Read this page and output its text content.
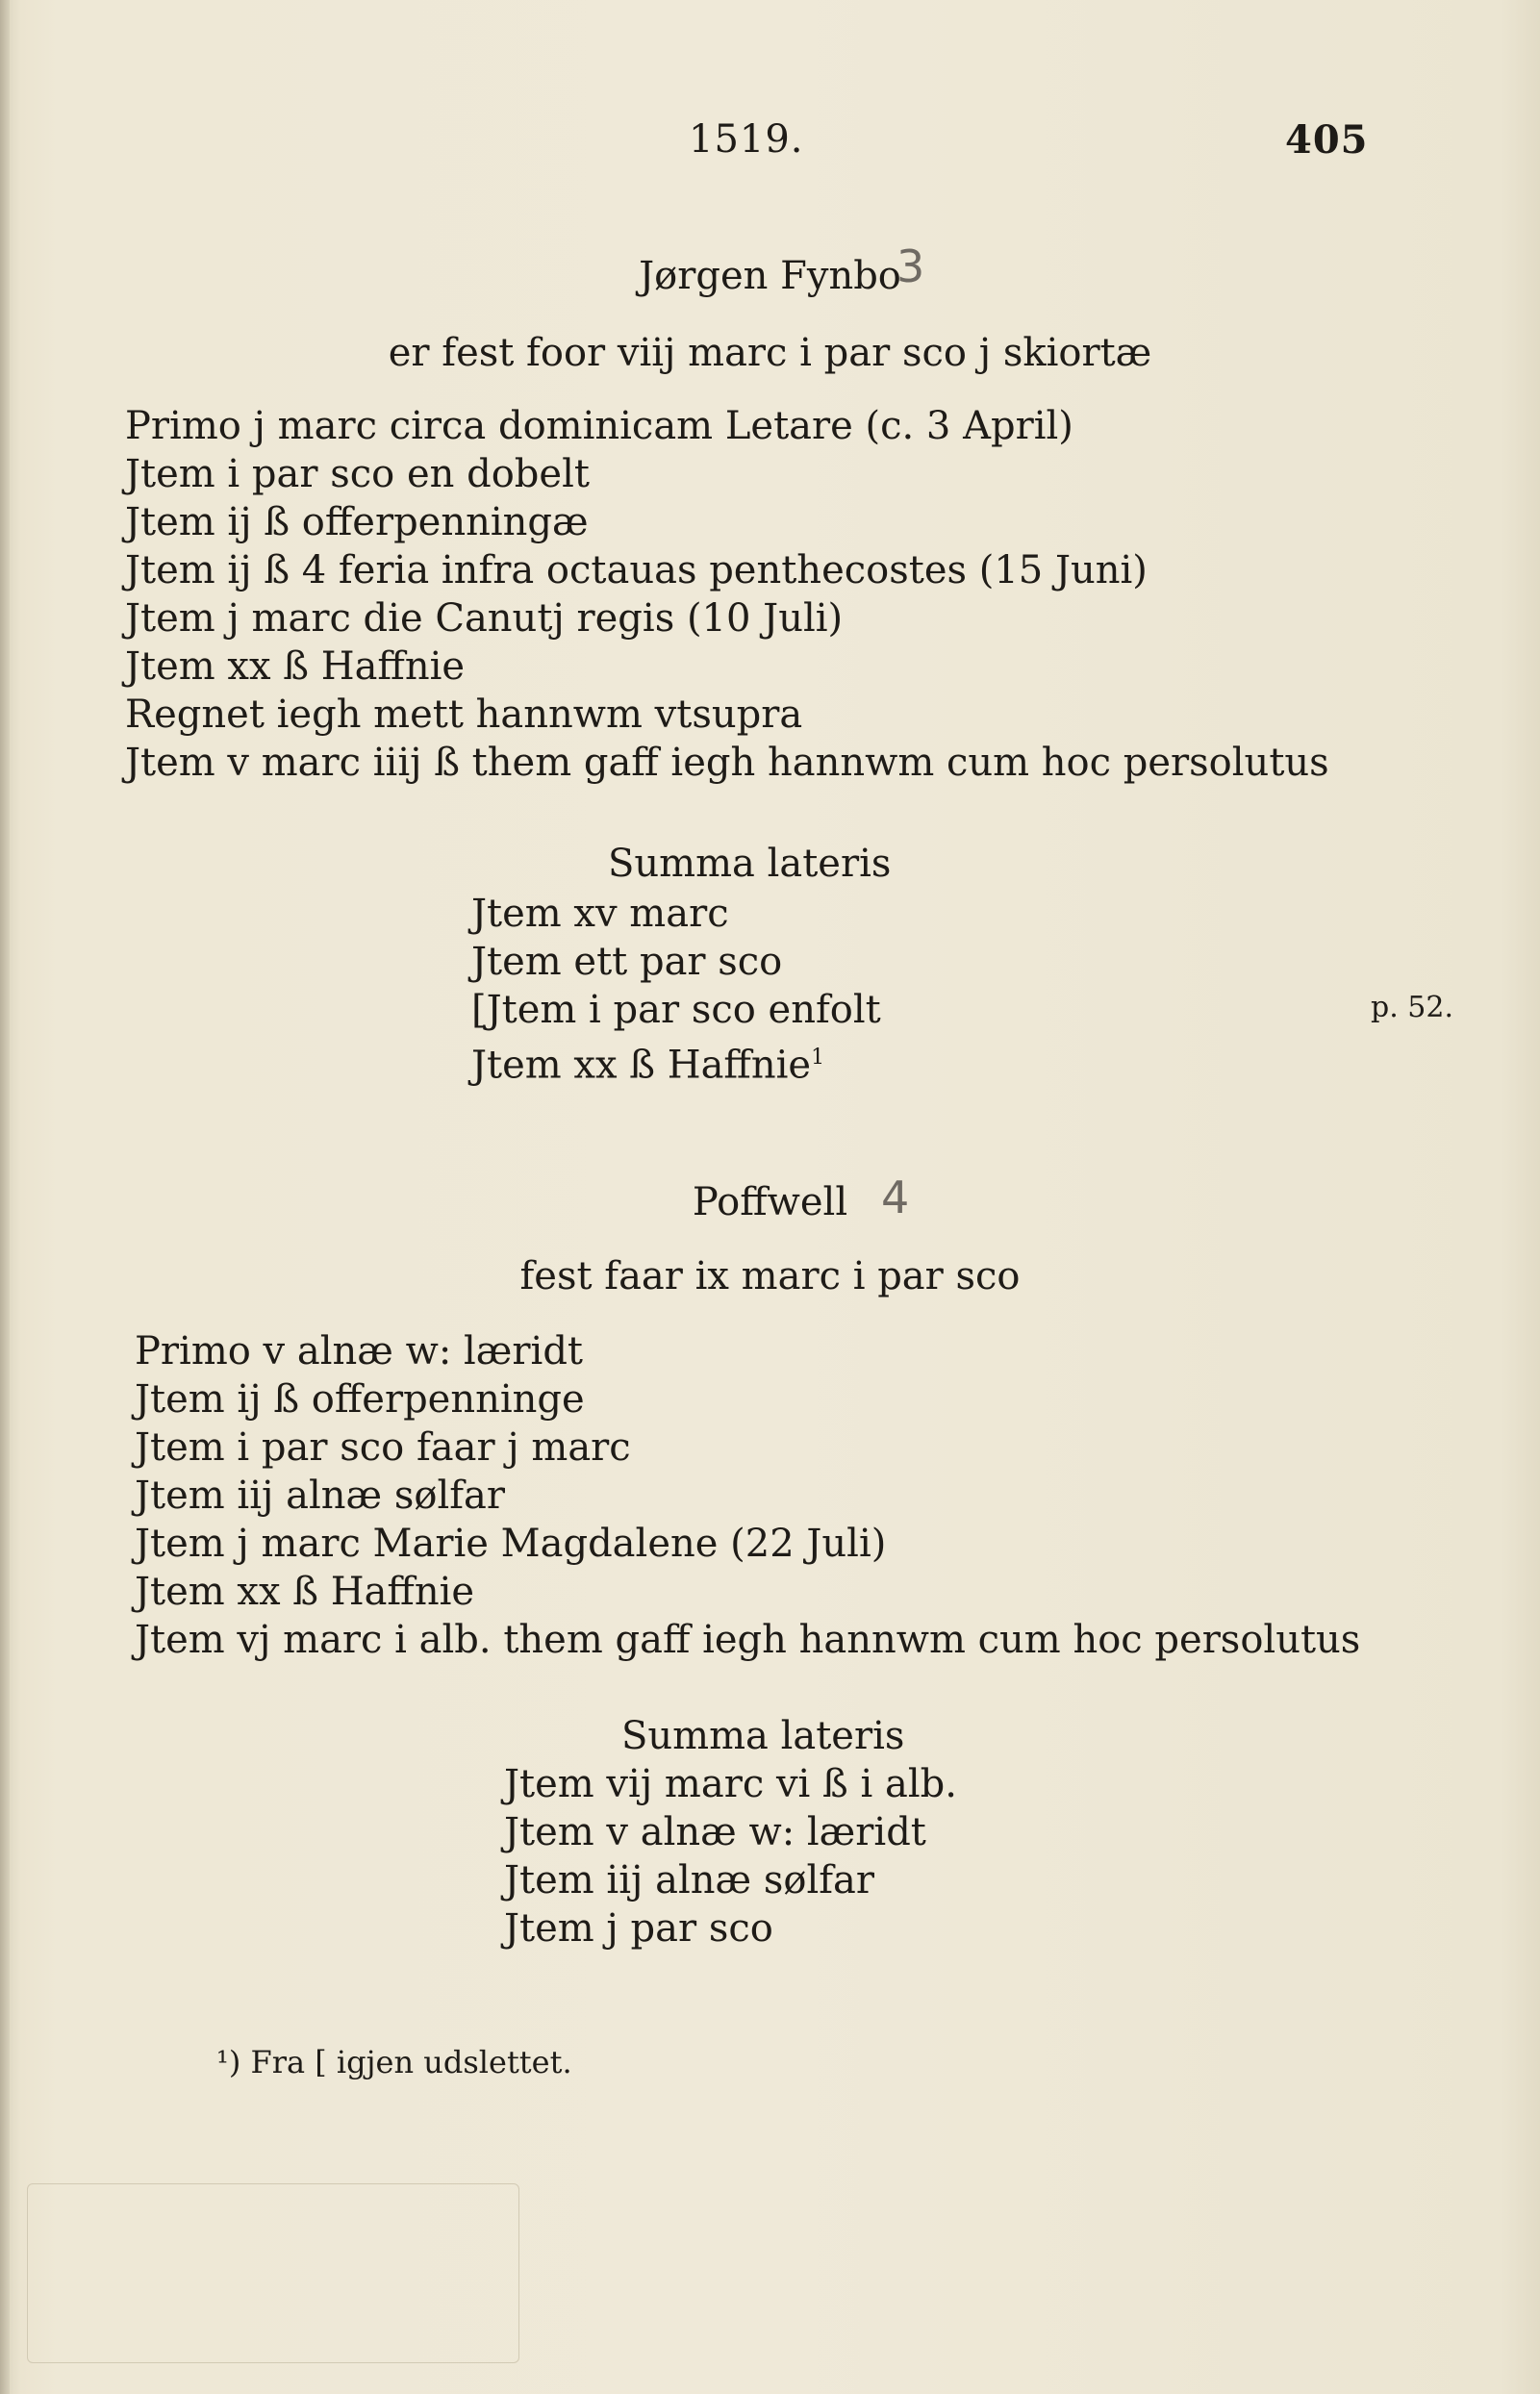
1519.	405
Jørgen Fynbo
3
er fest foor viij marc i par sco j skiortæ
Primo j marc circa dominicam Letare (c. 3 April)
Jtem i par sco en dobelt
Jtem ij ß offerpenningæ
Jtem ij ß 4 feria infra octauas penthecostes (15 Juni)
Jtem j marc die Canutj regis (10 Juli)
Jtem xx ß Haffnie
Regnet iegh mett hannwm vtsupra
Jtem v marc iiij ß them gaff iegh hannwm cum hoc persolutus
Summa lateris
Jtem xv marc
Jtem ett par sco
[Jtem i par sco enfolt
Jtem xx ß Haffnie$^1$
p. 52.
Poffwell 4
fest faar ix marc i par sco
Primo v alnæ w: læridt
Jtem ij ß offerpenninge
Jtem i par sco faar j marc
Jtem iij alnæ sølfar
Jtem j marc Marie Magdalene (22 Juli)
Jtem xx ß Haffnie
Jtem vj marc i alb. them gaff iegh hannwm cum hoc persolutus
Summa lateris
Jtem vij marc vi ß i alb.
Jtem v alnæ w: læridt
Jtem iij alnæ sølfar
Jtem j par sco
¹) Fra [ igjen udslettet.
